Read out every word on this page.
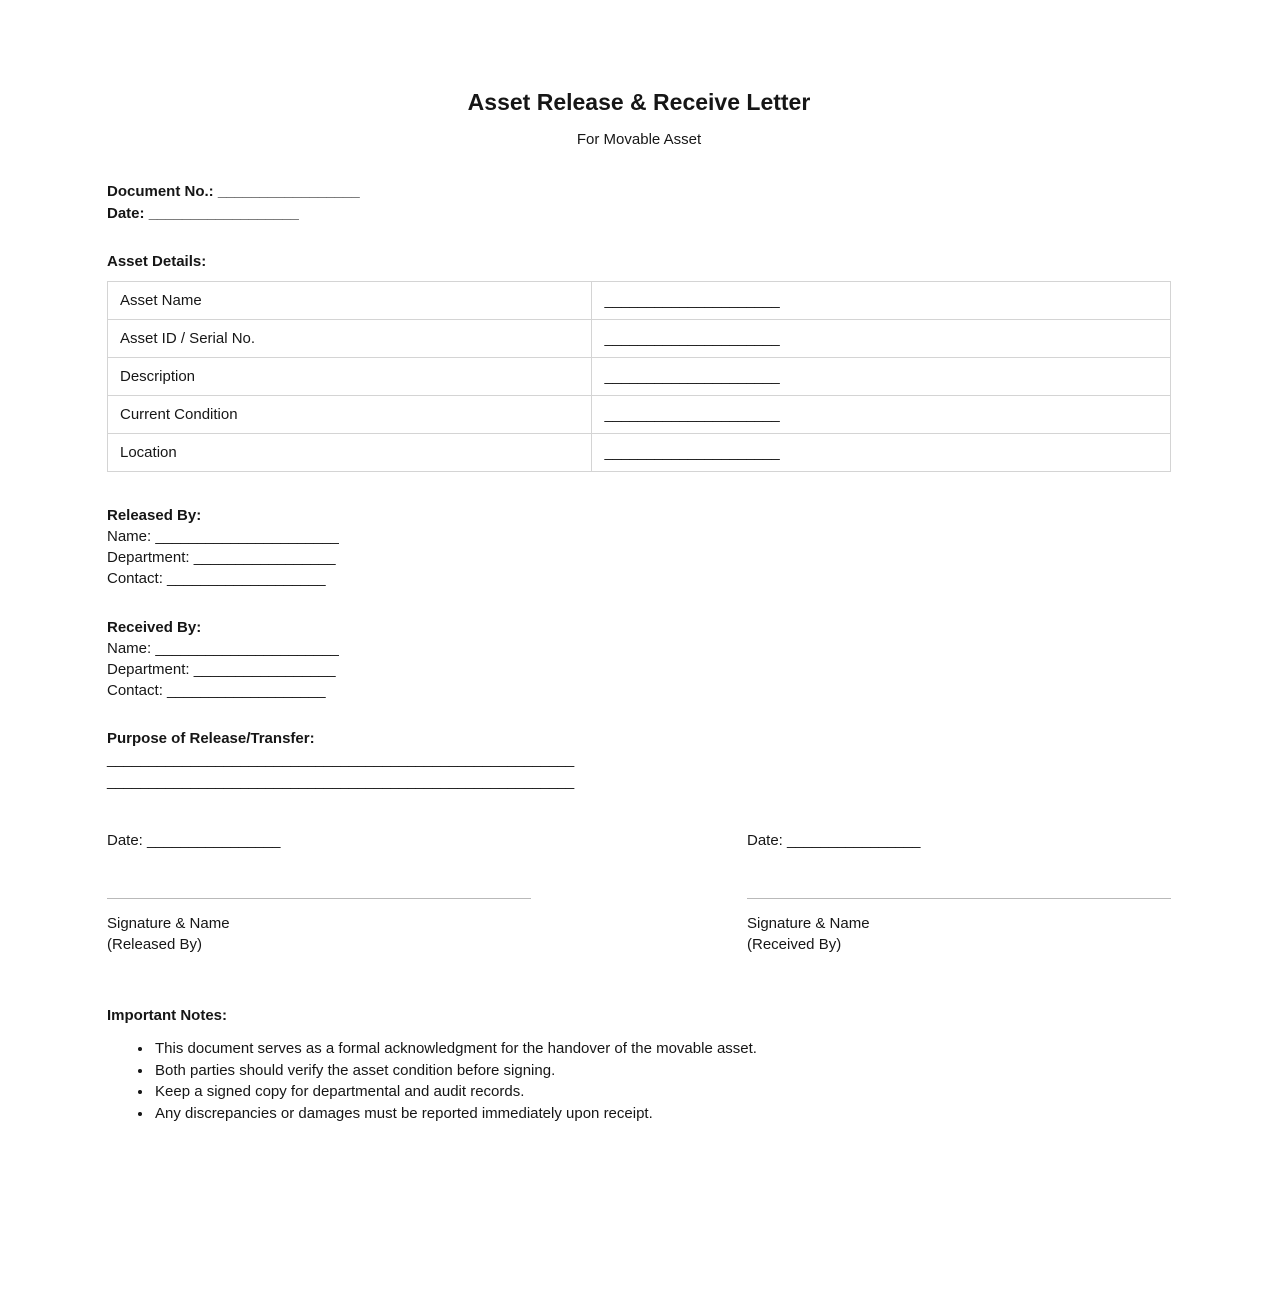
Asset Release & Receive Letter

For Movable Asset

Document No.: _________________
Date: __________________
Asset Details:
Asset Name	_____________________
Asset ID / Serial No.	_____________________
Description	_____________________
Current Condition	_____________________
Location	_____________________
Released By:
Name: ______________________
Department: _________________
Contact: ___________________
Received By:
Name: ______________________
Department: _________________
Contact: ___________________
Purpose of Release/Transfer:
________________________________________________________
________________________________________________________
Date: ________________
Signature & Name
(Released By)
Date: ________________
Signature & Name
(Received By)
Important Notes:
• This document serves as a formal acknowledgment for the handover of the movable asset.
• Both parties should verify the asset condition before signing.
• Keep a signed copy for departmental and audit records.
• Any discrepancies or damages must be reported immediately upon receipt.
